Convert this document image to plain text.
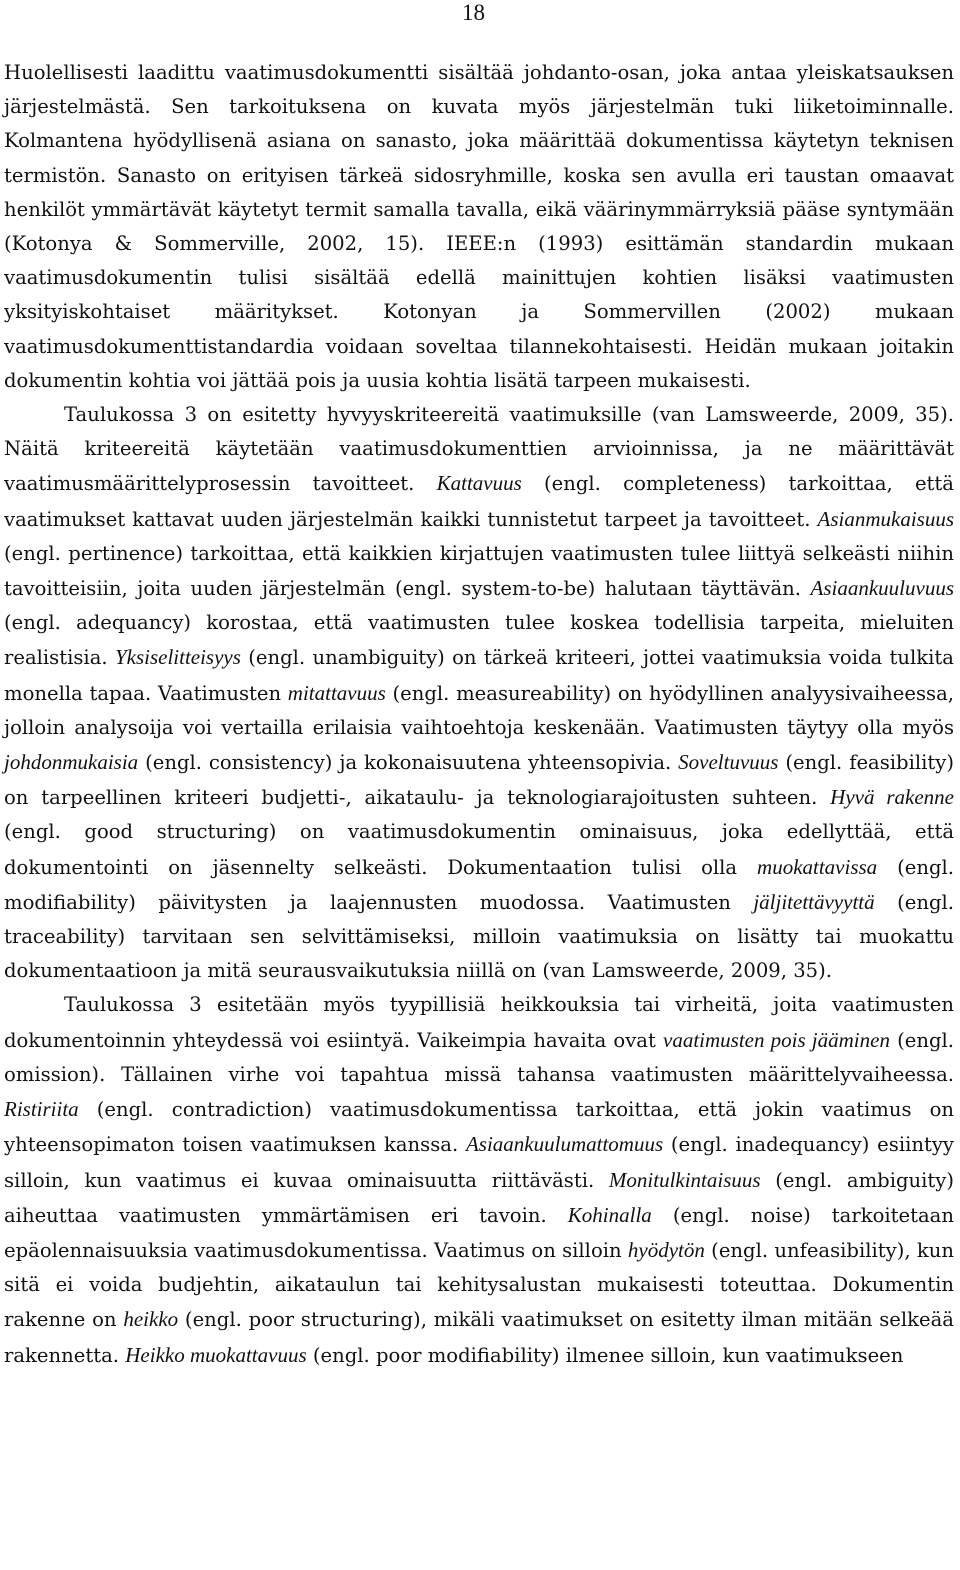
18

Huolellisesti laadittu vaatimusdokumentti sisältää johdanto-osan, joka antaa yleiskatsauksen järjestelmästä. Sen tarkoituksena on kuvata myös järjestelmän tuki liiketoiminnalle. Kolmantena hyödyllisenä asiana on sanasto, joka määrittää dokumentissa käytetyn teknisen termistön. Sanasto on erityisen tärkeä sidosryhmille, koska sen avulla eri taustan omaavat henkilöt ymmärtävät käytetyt termit samalla tavalla, eikä väärinymmärryksiä pääse syntymään (Kotonya & Sommerville, 2002, 15). IEEE:n (1993) esittämän standardin mukaan vaatimusdokumentin tulisi sisältää edellä mainittujen kohtien lisäksi vaatimusten yksityiskohtaiset määritykset. Kotonyan ja Sommervillen (2002) mukaan vaatimusdokumenttistandardia voidaan soveltaa tilannekohtaisesti. Heidän mukaan joitakin dokumentin kohtia voi jättää pois ja uusia kohtia lisätä tarpeen mukaisesti.

Taulukossa 3 on esitetty hyvyyskriteereitä vaatimuksille (van Lamsweerde, 2009, 35). Näitä kriteereitä käytetään vaatimusdokumenttien arvioinnissa, ja ne määrittävät vaatimusmäärittelyprosessin tavoitteet. Kattavuus (engl. completeness) tarkoittaa, että vaatimukset kattavat uuden järjestelmän kaikki tunnistetut tarpeet ja tavoitteet. Asianmukaisuus (engl. pertinence) tarkoittaa, että kaikkien kirjattujen vaatimusten tulee liittyä selkeästi niihin tavoitteisiin, joita uuden järjestelmän (engl. system-to-be) halutaan täyttävän. Asiaankuuluvuus (engl. adequancy) korostaa, että vaatimusten tulee koskea todellisia tarpeita, mieluiten realistisia. Yksiselitteisyys (engl. unambiguity) on tärkeä kriteeri, jottei vaatimuksia voida tulkita monella tapaa. Vaatimusten mitattavuus (engl. measureability) on hyödyllinen analyysivaiheessa, jolloin analysoija voi vertailla erilaisia vaihtoehtoja keskenään. Vaatimusten täytyy olla myös johdonmukaisia (engl. consistency) ja kokonaisuutena yhteensopivia. Soveltuvuus (engl. feasibility) on tarpeellinen kriteeri budjetti-, aikataulu- ja teknologiarajoitusten suhteen. Hyvä rakenne (engl. good structuring) on vaatimusdokumentin ominaisuus, joka edellyttää, että dokumentointi on jäsennelty selkeästi. Dokumentaation tulisi olla muokattavissa (engl. modifiability) päivitysten ja laajennusten muodossa. Vaatimusten jäljitettävyyttä (engl. traceability) tarvitaan sen selvittämiseksi, milloin vaatimuksia on lisätty tai muokattu dokumentaatioon ja mitä seurausvaikutuksia niillä on (van Lamsweerde, 2009, 35).

Taulukossa 3 esitetään myös tyypillisiä heikkouksia tai virheitä, joita vaatimusten dokumentoinnin yhteydessä voi esiintyä. Vaikeimpia havaita ovat vaatimusten pois jääminen (engl. omission). Tällainen virhe voi tapahtua missä tahansa vaatimusten määrittelyvaiheessa. Ristiriita (engl. contradiction) vaatimusdokumentissa tarkoittaa, että jokin vaatimus on yhteensopimaton toisen vaatimuksen kanssa. Asiaankuulumattomuus (engl. inadequancy) esiintyy silloin, kun vaatimus ei kuvaa ominaisuutta riittävästi. Monitulkintaisuus (engl. ambiguity) aiheuttaa vaatimusten ymmärtämisen eri tavoin. Kohinalla (engl. noise) tarkoitetaan epäolennaisuuksia vaatimusdokumentissa. Vaatimus on silloin hyödytön (engl. unfeasibility), kun sitä ei voida budjehtin, aikataulun tai kehitysalustan mukaisesti toteuttaa. Dokumentin rakenne on heikko (engl. poor structuring), mikäli vaatimukset on esitetty ilman mitään selkeää rakennetta. Heikko muokattavuus (engl. poor modifiability) ilmenee silloin, kun vaatimukseen
